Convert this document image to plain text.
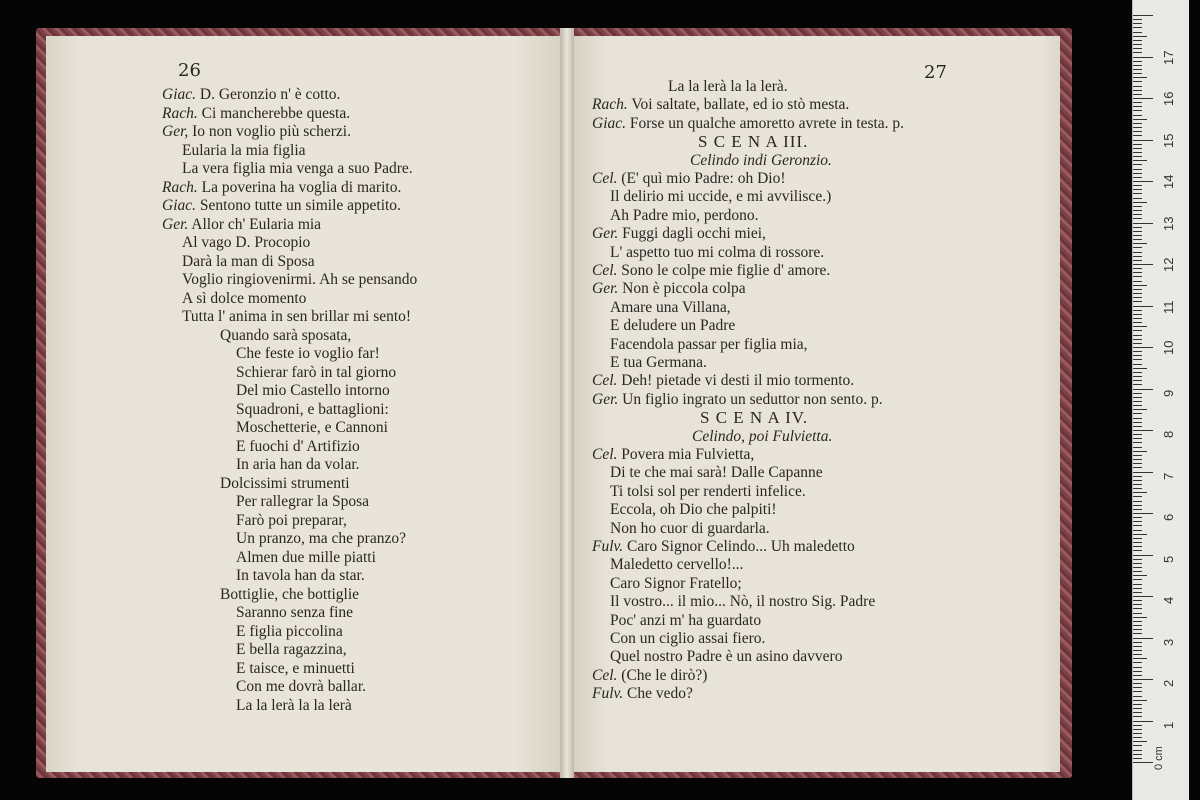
26
Giac. D. Geronzio n' è cotto.
Rach. Ci mancherebbe questa.
Ger, Io non voglio più scherzi.
Eularia la mia figlia
La vera figlia mia venga a suo Padre.
Rach. La poverina ha voglia di marito.
Giac. Sentono tutte un simile appetito.
Ger. Allor ch' Eularia mia
Al vago D. Procopio
Darà la man di Sposa
Voglio ringiovenirmi. Ah se pensando
A sì dolce momento
Tutta l' anima in sen brillar mi sento!
Quando sarà sposata,
Che feste io voglio far!
Schierar farò in tal giorno
Del mio Castello intorno
Squadroni, e battaglioni:
Moschetterie, e Cannoni
E fuochi d' Artifizio
In aria han da volar.
Dolcissimi strumenti
Per rallegrar la Sposa
Farò poi preparar,
Un pranzo, ma che pranzo?
Almen due mille piatti
In tavola han da star.
Bottiglie, che bottiglie
Saranno senza fine
E figlia piccolina
E bella ragazzina,
E taisce, e minuetti
Con me dovrà ballar.
La la lerà la la lerà
27
La la lerà la la lerà.
Rach. Voi saltate, ballate, ed io stò mesta.
Giac. Forse un qualche amoretto avrete in testa. p.
S C E N A III.
Celindo indi Geronzio.
Cel. (E' quì mio Padre: oh Dio!
Il delirio mi uccide, e mi avvilisce.)
Ah Padre mio, perdono.
Ger. Fuggi dagli occhi miei,
L' aspetto tuo mi colma di rossore.
Cel. Sono le colpe mie figlie d' amore.
Ger. Non è piccola colpa
Amare una Villana,
E deludere un Padre
Facendola passar per figlia mia,
E tua Germana.
Cel. Deh! pietade vi desti il mio tormento.
Ger. Un figlio ingrato un seduttor non sento. p.
S C E N A IV.
Celindo, poi Fulvietta.
Cel. Povera mia Fulvietta,
Di te che mai sarà! Dalle Capanne
Ti tolsi sol per renderti infelice.
Eccola, oh Dio che palpiti!
Non ho cuor di guardarla.
Fulv. Caro Signor Celindo... Uh maledetto
Maledetto cervello!...
Caro Signor Fratello;
Il vostro... il mio... Nò, il nostro Sig. Padre
Poc' anzi m' ha guardato
Con un ciglio assai fiero.
Quel nostro Padre è un asino davvero
Cel. (Che le dirò?)
Fulv. Che vedo?
0 cm
1
2
3
4
5
6
7
8
9
10
11
12
13
14
15
16
17
